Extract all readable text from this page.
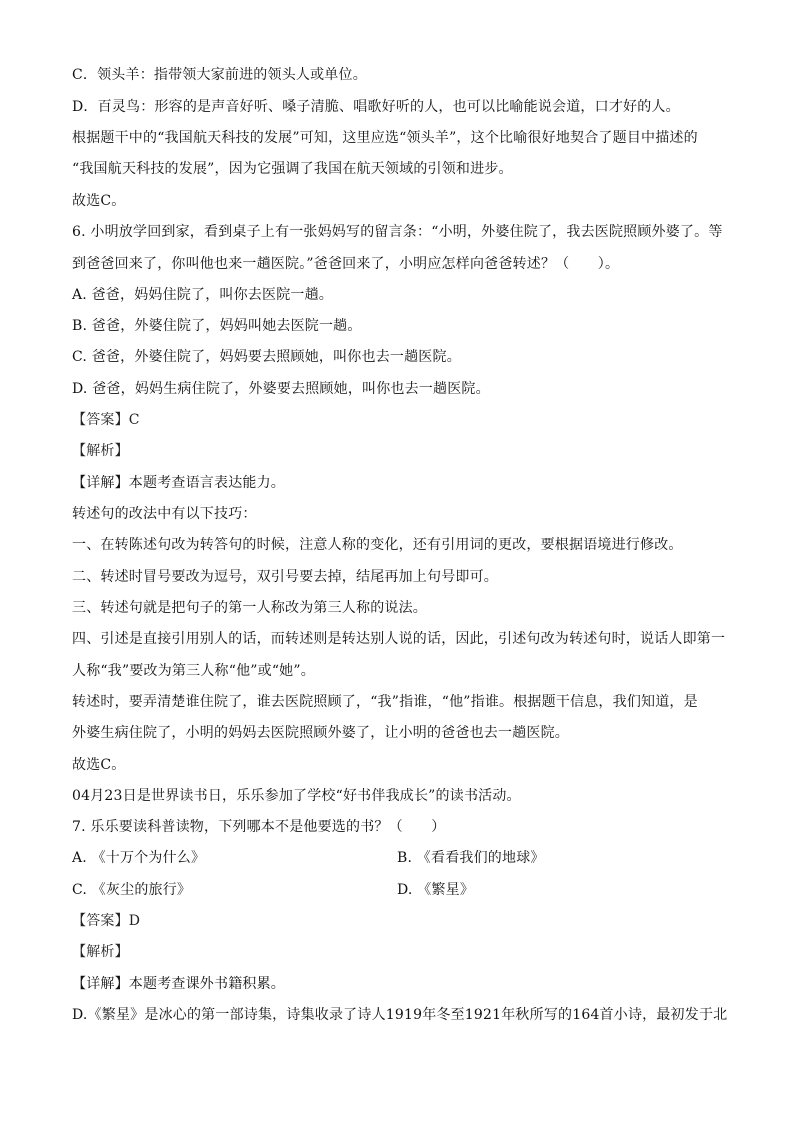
C．领头羊：指带领大家前进的领头人或单位。
D．百灵鸟：形容的是声音好听、嗓子清脆、唱歌好听的人，也可以比喻能说会道，口才好的人。
根据题干中的“我国航天科技的发展”可知，这里应选“领头羊”，这个比喻很好地契合了题目中描述的
“我国航天科技的发展”，因为它强调了我国在航天领域的引领和进步。
故选C。
6. 小明放学回到家，看到桌子上有一张妈妈写的留言条：“小明，外婆住院了，我去医院照顾外婆了。等
到爸爸回来了，你叫他也来一趟医院。”爸爸回来了，小明应怎样向爸爸转述？（　　）。
A. 爸爸，妈妈住院了，叫你去医院一趟。
B. 爸爸，外婆住院了，妈妈叫她去医院一趟。
C. 爸爸，外婆住院了，妈妈要去照顾她，叫你也去一趟医院。
D. 爸爸，妈妈生病住院了，外婆要去照顾她，叫你也去一趟医院。
【答案】C
【解析】
【详解】本题考查语言表达能力。
转述句的改法中有以下技巧：
一、在转陈述句改为转答句的时候，注意人称的变化，还有引用词的更改，要根据语境进行修改。
二、转述时冒号要改为逗号，双引号要去掉，结尾再加上句号即可。
三、转述句就是把句子的第一人称改为第三人称的说法。
四、引述是直接引用别人的话，而转述则是转达别人说的话，因此，引述句改为转述句时，说话人即第一
人称“我”要改为第三人称“他”或“她”。
转述时，要弄清楚谁住院了，谁去医院照顾了，“我”指谁，“他”指谁。根据题干信息，我们知道，是
外婆生病住院了，小明的妈妈去医院照顾外婆了，让小明的爸爸也去一趟医院。
故选C。
04月23日是世界读书日，乐乐参加了学校“好书伴我成长”的读书活动。
7. 乐乐要读科普读物，下列哪本不是他要选的书？（　　）
A. 《十万个为什么》	B. 《看看我们的地球》
C. 《灰尘的旅行》	D. 《繁星》
【答案】D
【解析】
【详解】本题考查课外书籍积累。
D.《繁星》是冰心的第一部诗集，诗集收录了诗人1919年冬至1921年秋所写的164首小诗，最初发于北
